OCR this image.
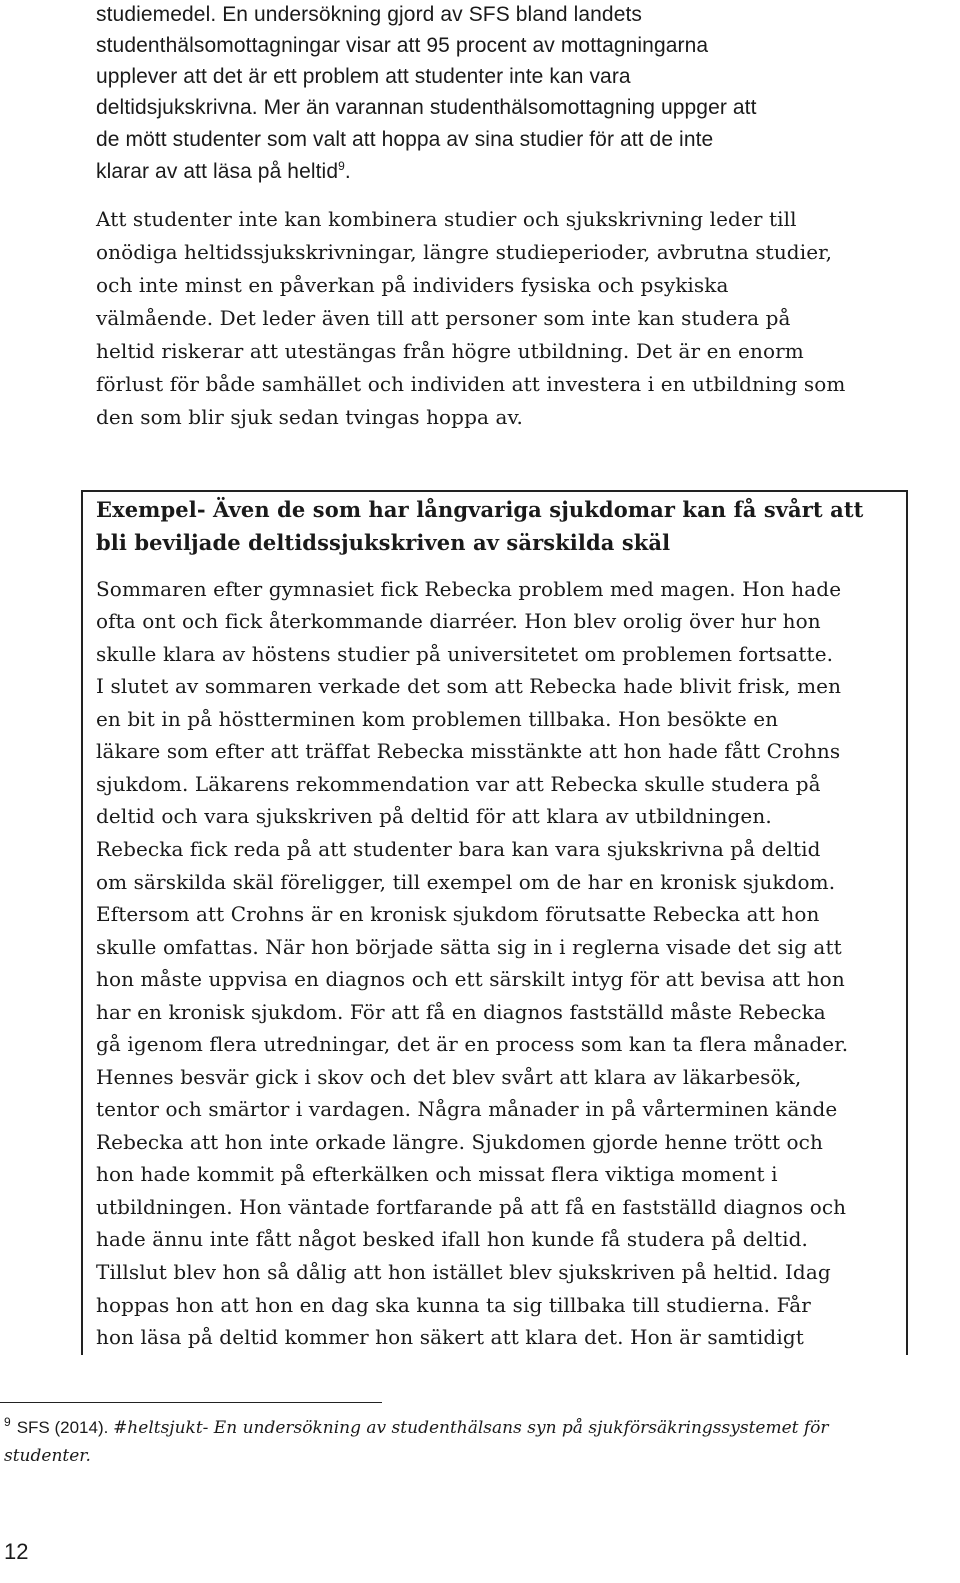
studiemedel. En undersökning gjord av SFS bland landets
studenthälsomottagningar visar att 95 procent av mottagningarna
upplever att det är ett problem att studenter inte kan vara
deltidsjukskrivna. Mer än varannan studenthälsomottagning uppger att
de mött studenter som valt att hoppa av sina studier för att de inte
klarar av att läsa på heltid$^9$.
Att studenter inte kan kombinera studier och sjukskrivning leder till
onödiga heltidssjukskrivningar, längre studieperioder, avbrutna studier,
och inte minst en påverkan på individers fysiska och psykiska
välmående. Det leder även till att personer som inte kan studera på
heltid riskerar att utestängas från högre utbildning. Det är en enorm
förlust för både samhället och individen att investera i en utbildning som
den som blir sjuk sedan tvingas hoppa av.
Exempel- Även de som har långvariga sjukdomar kan få svårt att
bli beviljade deltidssjukskriven av särskilda skäl
Sommaren efter gymnasiet fick Rebecka problem med magen. Hon hade
ofta ont och fick återkommande diarréer. Hon blev orolig över hur hon
skulle klara av höstens studier på universitetet om problemen fortsatte.
I slutet av sommaren verkade det som att Rebecka hade blivit frisk, men
en bit in på höstterminen kom problemen tillbaka. Hon besökte en
läkare som efter att träffat Rebecka misstänkte att hon hade fått Crohns
sjukdom. Läkarens rekommendation var att Rebecka skulle studera på
deltid och vara sjukskriven på deltid för att klara av utbildningen.
Rebecka fick reda på att studenter bara kan vara sjukskrivna på deltid
om särskilda skäl föreligger, till exempel om de har en kronisk sjukdom.
Eftersom att Crohns är en kronisk sjukdom förutsatte Rebecka att hon
skulle omfattas. När hon började sätta sig in i reglerna visade det sig att
hon måste uppvisa en diagnos och ett särskilt intyg för att bevisa att hon
har en kronisk sjukdom. För att få en diagnos fastställd måste Rebecka
gå igenom flera utredningar, det är en process som kan ta flera månader.
Hennes besvär gick i skov och det blev svårt att klara av läkarbesök,
tentor och smärtor i vardagen. Några månader in på vårterminen kände
Rebecka att hon inte orkade längre. Sjukdomen gjorde henne trött och
hon hade kommit på efterkälken och missat flera viktiga moment i
utbildningen. Hon väntade fortfarande på att få en fastställd diagnos och
hade ännu inte fått något besked ifall hon kunde få studera på deltid.
Tillslut blev hon så dålig att hon istället blev sjukskriven på heltid. Idag
hoppas hon att hon en dag ska kunna ta sig tillbaka till studierna. Får
hon läsa på deltid kommer hon säkert att klara det. Hon är samtidigt
$^9$ SFS (2014). #heltsjukt- En undersökning av studenthälsans syn på sjukförsäkringssystemet för
studenter.
12
